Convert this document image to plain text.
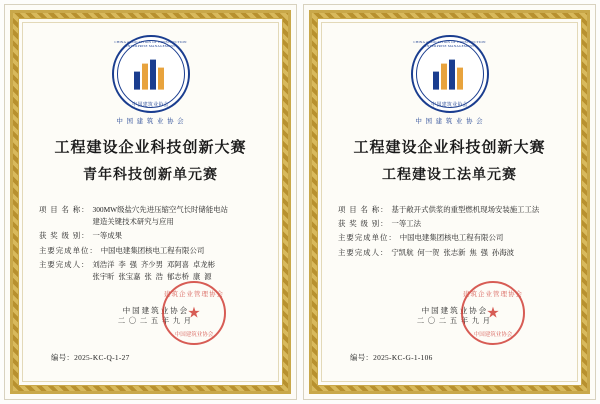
CHINA ASSOCIATION OF CONSTRUCTION ENTERPRISE MANAGEMENT
中国建筑业协会
中 国 建 筑 业 协 会
工程建设企业科技创新大赛
青年科技创新单元赛
项 目 名 称： 300MW级盐穴先进压缩空气长时储能电站
建造关键技术研究与应用
获 奖 级 别： 一等成果
主要完成单位： 中国电建集团核电工程有限公司
主要完成人： 刘浩洋 李 强 齐少男 邓阿喜 卓龙彬
张宇昕 张宝嘉 张 浩 郁志桥 康 源
中 国 建 筑 业 协 会
二 〇 二 五 年 九 月
建筑企业管理协会
★
中国建筑业协会
编号：2025-KC-Q-1-27
CHINA ASSOCIATION OF CONSTRUCTION ENTERPRISE MANAGEMENT
中国建筑业协会
中 国 建 筑 业 协 会
工程建设企业科技创新大赛
工程建设工法单元赛
项 目 名 称： 基于敞开式供浆的重型燃机现场安装施工工法
获 奖 级 别： 一等工法
主要完成单位： 中国电建集团核电工程有限公司
主要完成人： 宁凯航 何一贺 张志新 焦 强 孙海波
中 国 建 筑 业 协 会
二 〇 二 五 年 九 月
建筑企业管理协会
★
中国建筑业协会
编号：2025-KC-G-1-106
